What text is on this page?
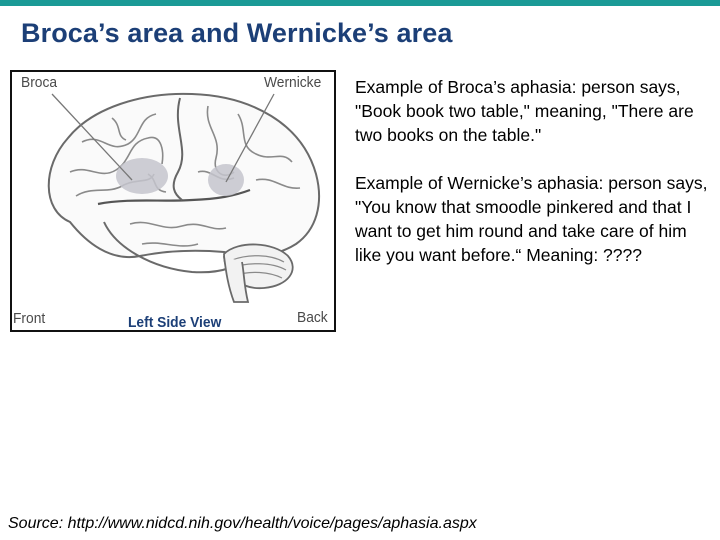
Broca’s area and Wernicke’s area
Broca	Wernicke
Front	Left Side View	Back

Example of Broca’s aphasia: person says, "Book book two table," meaning, "There are two books on the table."

Example of Wernicke’s aphasia: person says, "You know that smoodle pinkered and that I want to get him round and take care of him like you want before.“ Meaning: ????

Source: http://www.nidcd.nih.gov/health/voice/pages/aphasia.aspx
